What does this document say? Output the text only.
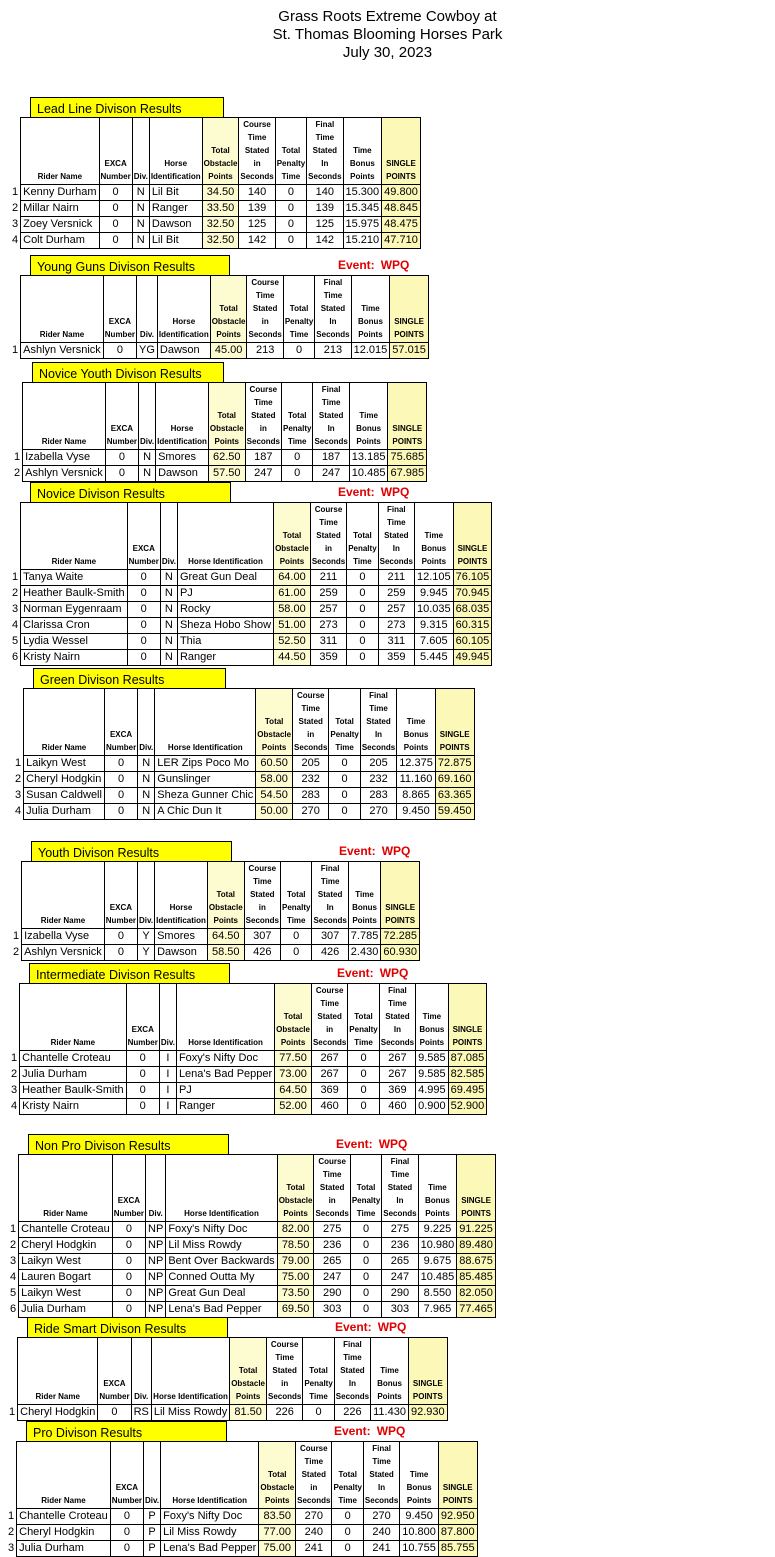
Grass Roots Extreme Cowboy at
St. Thomas Blooming Horses Park
July 30, 2023
Lead Line Divison Results
	Rider Name	EXCA Number	Div.	Horse Identification	Total Obstacle Points	Course Time Stated in Seconds	Total Penalty Time	Final Time Stated In Seconds	Time Bonus Points	SINGLE POINTS
1	Kenny Durham	0	N	Lil Bit	34.50	140	0	140	15.300	49.800
2	Millar Nairn	0	N	Ranger	33.50	139	0	139	15.345	48.845
3	Zoey Versnick	0	N	Dawson	32.50	125	0	125	15.975	48.475
4	Colt Durham	0	N	Lil Bit	32.50	142	0	142	15.210	47.710
Young Guns Divison Results	Event: WPQ
	Rider Name	EXCA Number	Div.	Horse Identification	Total Obstacle Points	Course Time Stated in Seconds	Total Penalty Time	Final Time Stated In Seconds	Time Bonus Points	SINGLE POINTS
1	Ashlyn Versnick	0	YG	Dawson	45.00	213	0	213	12.015	57.015
Novice Youth Divison Results
	Rider Name	EXCA Number	Div.	Horse Identification	Total Obstacle Points	Course Time Stated in Seconds	Total Penalty Time	Final Time Stated In Seconds	Time Bonus Points	SINGLE POINTS
1	Izabella Vyse	0	N	Smores	62.50	187	0	187	13.185	75.685
2	Ashlyn Versnick	0	N	Dawson	57.50	247	0	247	10.485	67.985
Novice Divison Results	Event: WPQ
	Rider Name	EXCA Number	Div.	Horse Identification	Total Obstacle Points	Course Time Stated in Seconds	Total Penalty Time	Final Time Stated In Seconds	Time Bonus Points	SINGLE POINTS
1	Tanya Waite	0	N	Great Gun Deal	64.00	211	0	211	12.105	76.105
2	Heather Baulk-Smith	0	N	PJ	61.00	259	0	259	9.945	70.945
3	Norman Eygenraam	0	N	Rocky	58.00	257	0	257	10.035	68.035
4	Clarissa Cron	0	N	Sheza Hobo Show	51.00	273	0	273	9.315	60.315
5	Lydia Wessel	0	N	Thia	52.50	311	0	311	7.605	60.105
6	Kristy Nairn	0	N	Ranger	44.50	359	0	359	5.445	49.945
Green Divison Results
	Rider Name	EXCA Number	Div.	Horse Identification	Total Obstacle Points	Course Time Stated in Seconds	Total Penalty Time	Final Time Stated In Seconds	Time Bonus Points	SINGLE POINTS
1	Laikyn West	0	N	LER Zips Poco Mo	60.50	205	0	205	12.375	72.875
2	Cheryl Hodgkin	0	N	Gunslinger	58.00	232	0	232	11.160	69.160
3	Susan Caldwell	0	N	Sheza Gunner Chic	54.50	283	0	283	8.865	63.365
4	Julia Durham	0	N	A Chic Dun It	50.00	270	0	270	9.450	59.450
Youth Divison Results	Event: WPQ
	Rider Name	EXCA Number	Div.	Horse Identification	Total Obstacle Points	Course Time Stated in Seconds	Total Penalty Time	Final Time Stated In Seconds	Time Bonus Points	SINGLE POINTS
1	Izabella Vyse	0	Y	Smores	64.50	307	0	307	7.785	72.285
2	Ashlyn Versnick	0	Y	Dawson	58.50	426	0	426	2.430	60.930
Intermediate Divison Results	Event: WPQ
	Rider Name	EXCA Number	Div.	Horse Identification	Total Obstacle Points	Course Time Stated in Seconds	Total Penalty Time	Final Time Stated In Seconds	Time Bonus Points	SINGLE POINTS
1	Chantelle Croteau	0	I	Foxy's Nifty Doc	77.50	267	0	267	9.585	87.085
2	Julia Durham	0	I	Lena's Bad Pepper	73.00	267	0	267	9.585	82.585
3	Heather Baulk-Smith	0	I	PJ	64.50	369	0	369	4.995	69.495
4	Kristy Nairn	0	I	Ranger	52.00	460	0	460	0.900	52.900
Non Pro Divison Results	Event: WPQ
	Rider Name	EXCA Number	Div.	Horse Identification	Total Obstacle Points	Course Time Stated in Seconds	Total Penalty Time	Final Time Stated In Seconds	Time Bonus Points	SINGLE POINTS
1	Chantelle Croteau	0	NP	Foxy's Nifty Doc	82.00	275	0	275	9.225	91.225
2	Cheryl Hodgkin	0	NP	Lil Miss Rowdy	78.50	236	0	236	10.980	89.480
3	Laikyn West	0	NP	Bent Over Backwards	79.00	265	0	265	9.675	88.675
4	Lauren Bogart	0	NP	Conned Outta My	75.00	247	0	247	10.485	85.485
5	Laikyn West	0	NP	Great Gun Deal	73.50	290	0	290	8.550	82.050
6	Julia Durham	0	NP	Lena's Bad Pepper	69.50	303	0	303	7.965	77.465
Ride Smart Divison Results	Event: WPQ
	Rider Name	EXCA Number	Div.	Horse Identification	Total Obstacle Points	Course Time Stated in Seconds	Total Penalty Time	Final Time Stated In Seconds	Time Bonus Points	SINGLE POINTS
1	Cheryl Hodgkin	0	RS	Lil Miss Rowdy	81.50	226	0	226	11.430	92.930
Pro Divison Results	Event: WPQ
	Rider Name	EXCA Number	Div.	Horse Identification	Total Obstacle Points	Course Time Stated in Seconds	Total Penalty Time	Final Time Stated In Seconds	Time Bonus Points	SINGLE POINTS
1	Chantelle Croteau	0	P	Foxy's Nifty Doc	83.50	270	0	270	9.450	92.950
2	Cheryl Hodgkin	0	P	Lil Miss Rowdy	77.00	240	0	240	10.800	87.800
3	Julia Durham	0	P	Lena's Bad Pepper	75.00	241	0	241	10.755	85.755
